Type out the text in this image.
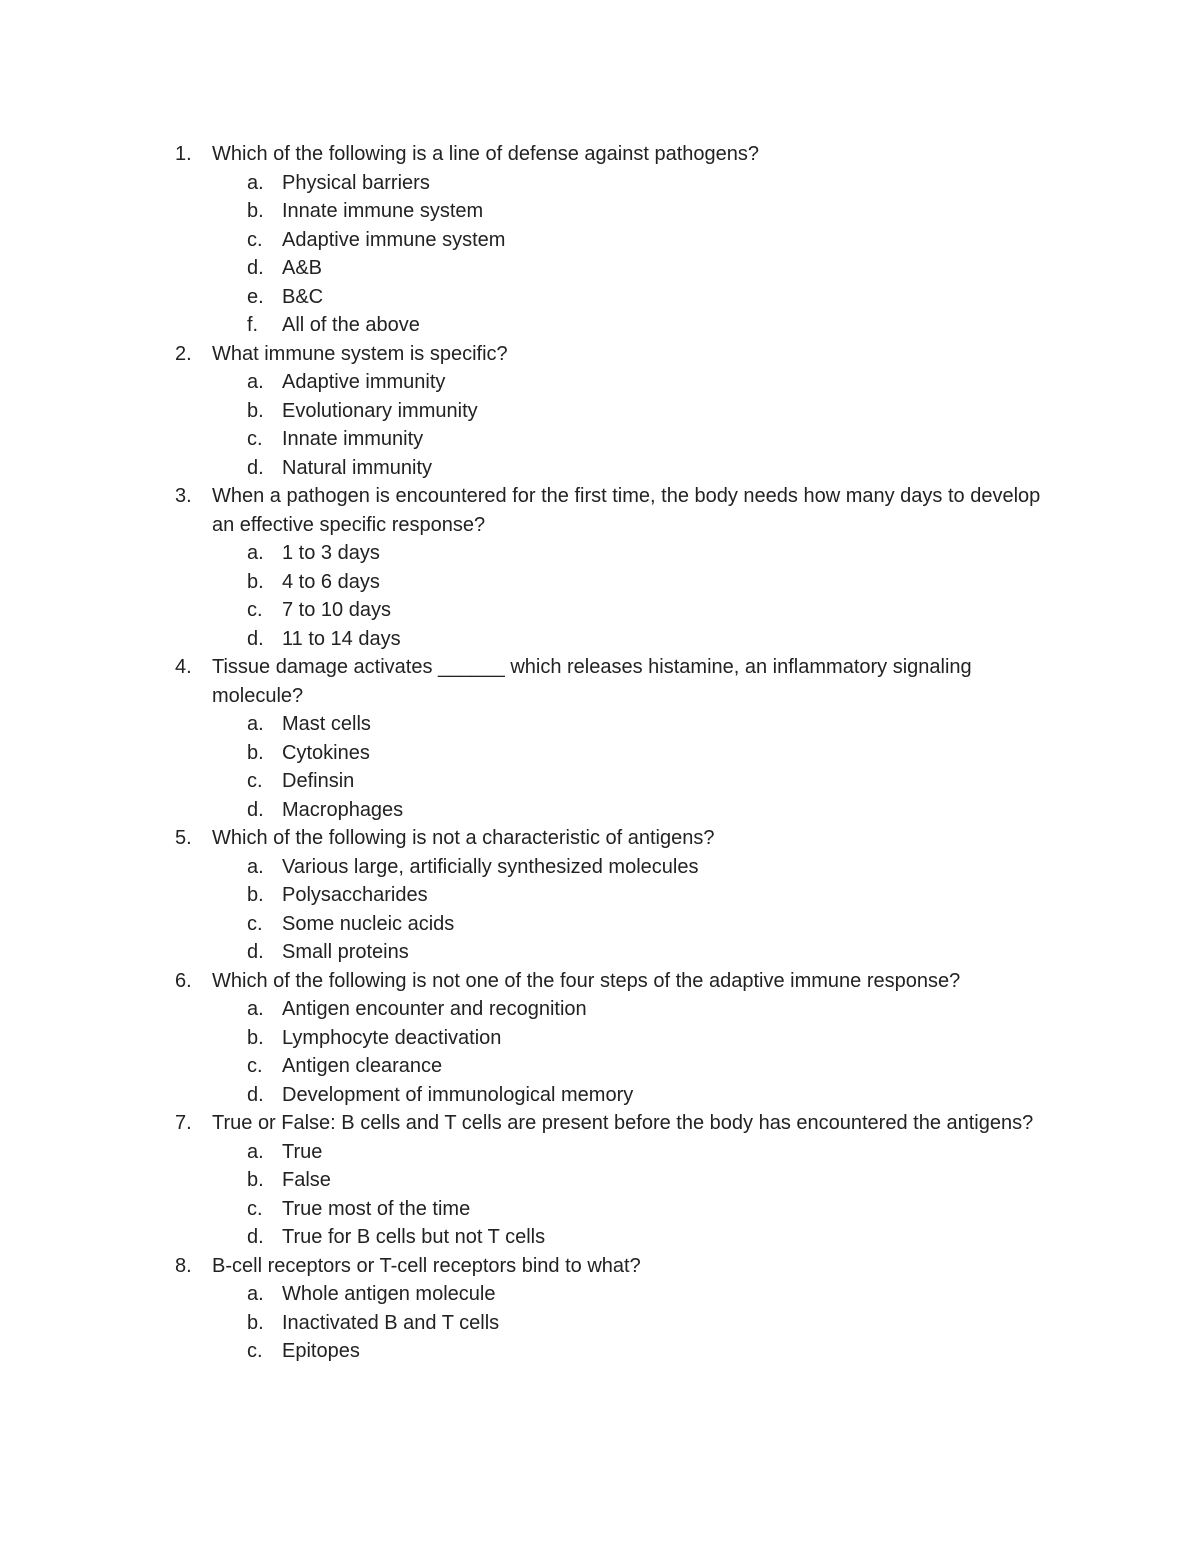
1.	Which of the following is a line of defense against pathogens?
a. Physical barriers
b. Innate immune system
c. Adaptive immune system
d. A&B
e. B&C
f.	All of the above
2.	What immune system is specific?
a. Adaptive immunity
b. Evolutionary immunity
c. Innate immunity
d. Natural immunity
3.	When a pathogen is encountered for the first time, the body needs how many days to develop an effective specific response?
a. 1 to 3 days
b. 4 to 6 days
c. 7 to 10 days
d. 11 to 14 days
4.	Tissue damage activates ______ which releases histamine, an inflammatory signaling molecule?
a. Mast cells
b. Cytokines
c. Definsin
d. Macrophages
5.	Which of the following is not a characteristic of antigens?
a. Various large, artificially synthesized molecules
b. Polysaccharides
c. Some nucleic acids
d. Small proteins
6.	Which of the following is not one of the four steps of the adaptive immune response?
a. Antigen encounter and recognition
b. Lymphocyte deactivation
c. Antigen clearance
d. Development of immunological memory
7.	True or False: B cells and T cells are present before the body has encountered the antigens?
a. True
b. False
c. True most of the time
d. True for B cells but not T cells
8.	B-cell receptors or T-cell receptors bind to what?
a. Whole antigen molecule
b. Inactivated B and T cells
c. Epitopes
